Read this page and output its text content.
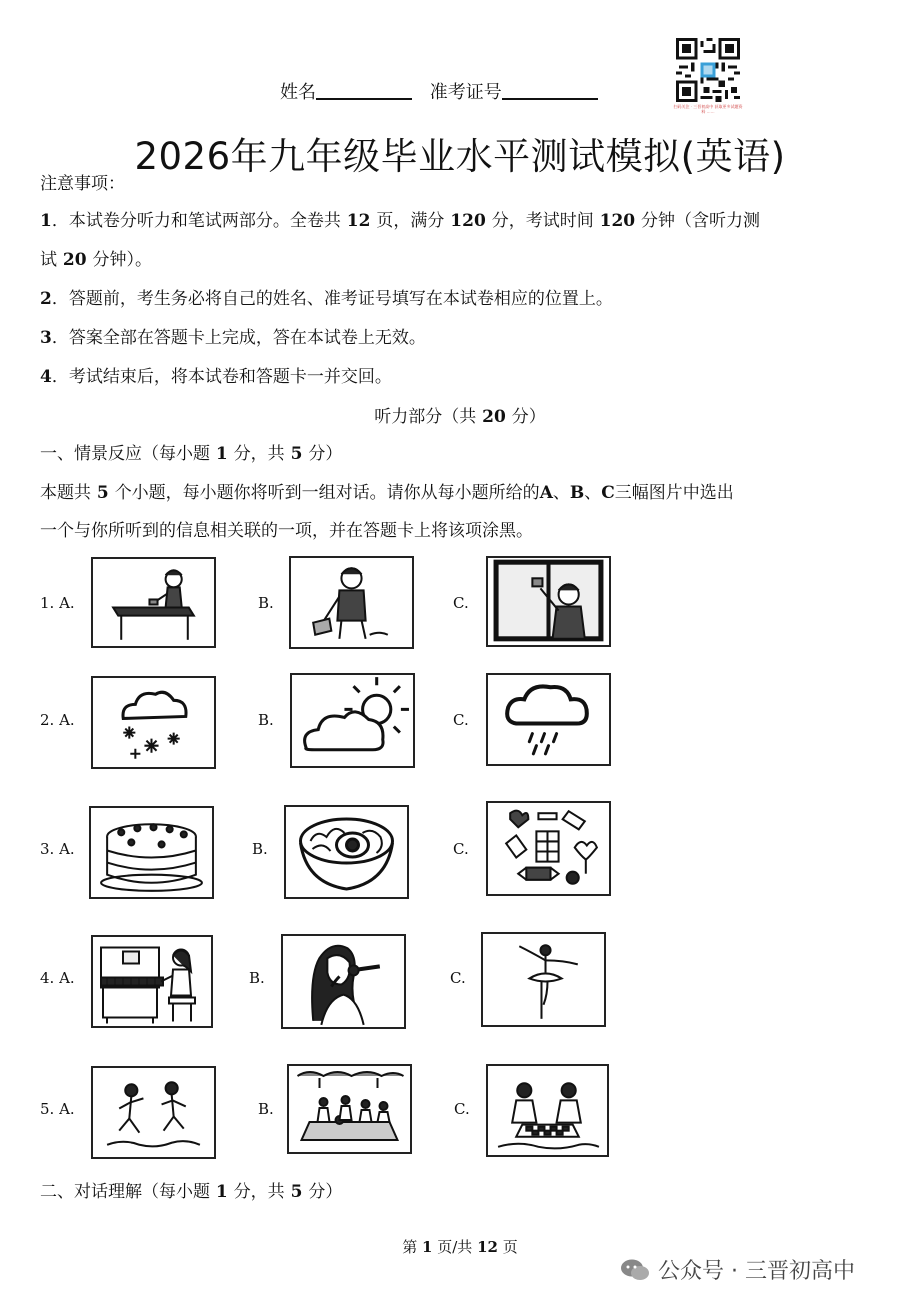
姓名	准考证号
扫码关注 · 三晋初高中 获取更多试题资料 ……
2026年九年级毕业水平测试模拟(英语)
注意事项：
1．本试卷分听力和笔试两部分。全卷共 12 页，满分 120 分，考试时间 120 分钟（含听力测
试 20 分钟）。
2．答题前，考生务必将自己的姓名、准考证号填写在本试卷相应的位置上。
3．答案全部在答题卡上完成，答在本试卷上无效。
4．考试结束后，将本试卷和答题卡一并交回。
听力部分（共 20 分）
一、情景反应（每小题 1 分，共 5 分）
本题共 5 个小题，每小题你将听到一组对话。请你从每小题所给的A、B、C三幅图片中选出
一个与你所听到的信息相关联的一项，并在答题卡上将该项涂黑。
1. A.	B.	C.
2. A.	B.	C.
3. A.	B.	C.
4. A.	B.	C.
5. A.	B.	C.
二、对话理解（每小题 1 分，共 5 分）
第 1 页/共 12 页
公众号 · 三晋初高中
